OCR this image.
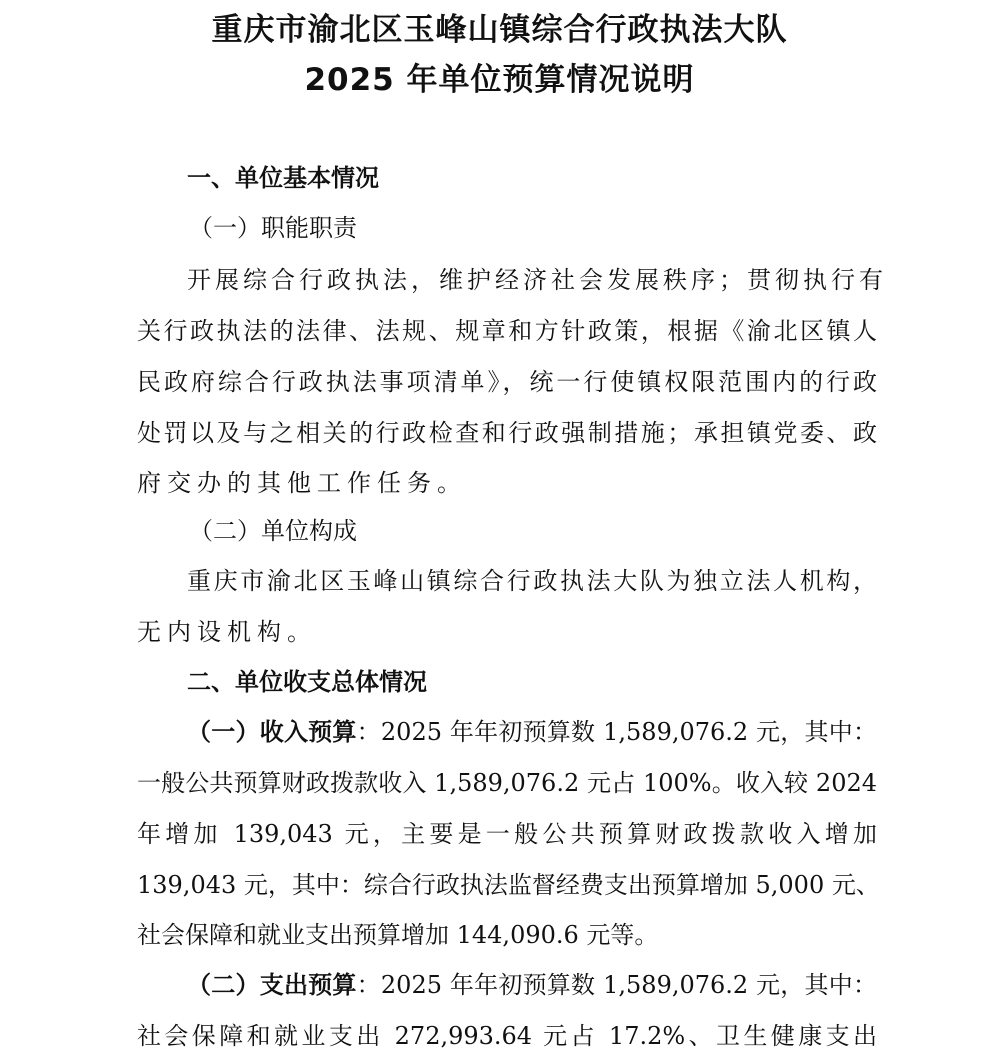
重庆市渝北区玉峰山镇综合行政执法大队
2025 年单位预算情况说明
一、单位基本情况

（一）职能职责

开展综合行政执法，维护经济社会发展秩序；贯彻执行有

关行政执法的法律、法规、规章和方针政策，根据《渝北区镇人

民政府综合行政执法事项清单》，统一行使镇权限范围内的行政

处罚以及与之相关的行政检查和行政强制措施；承担镇党委、政

府交办的其他工作任务。

（二）单位构成

重庆市渝北区玉峰山镇综合行政执法大队为独立法人机构，

无内设机构。

二、单位收支总体情况

（一）收入预算：2025 年年初预算数 1,589,076.2 元，其中：

一般公共预算财政拨款收入 1,589,076.2 元占 100%。收入较 2024

年增加 139,043 元，主要是一般公共预算财政拨款收入增加

139,043 元，其中：综合行政执法监督经费支出预算增加 5,000 元、

社会保障和就业支出预算增加 144,090.6 元等。

（二）支出预算：2025 年年初预算数 1,589,076.2 元，其中：

社会保障和就业支出 272,993.64 元占 17.2%、卫生健康支出
